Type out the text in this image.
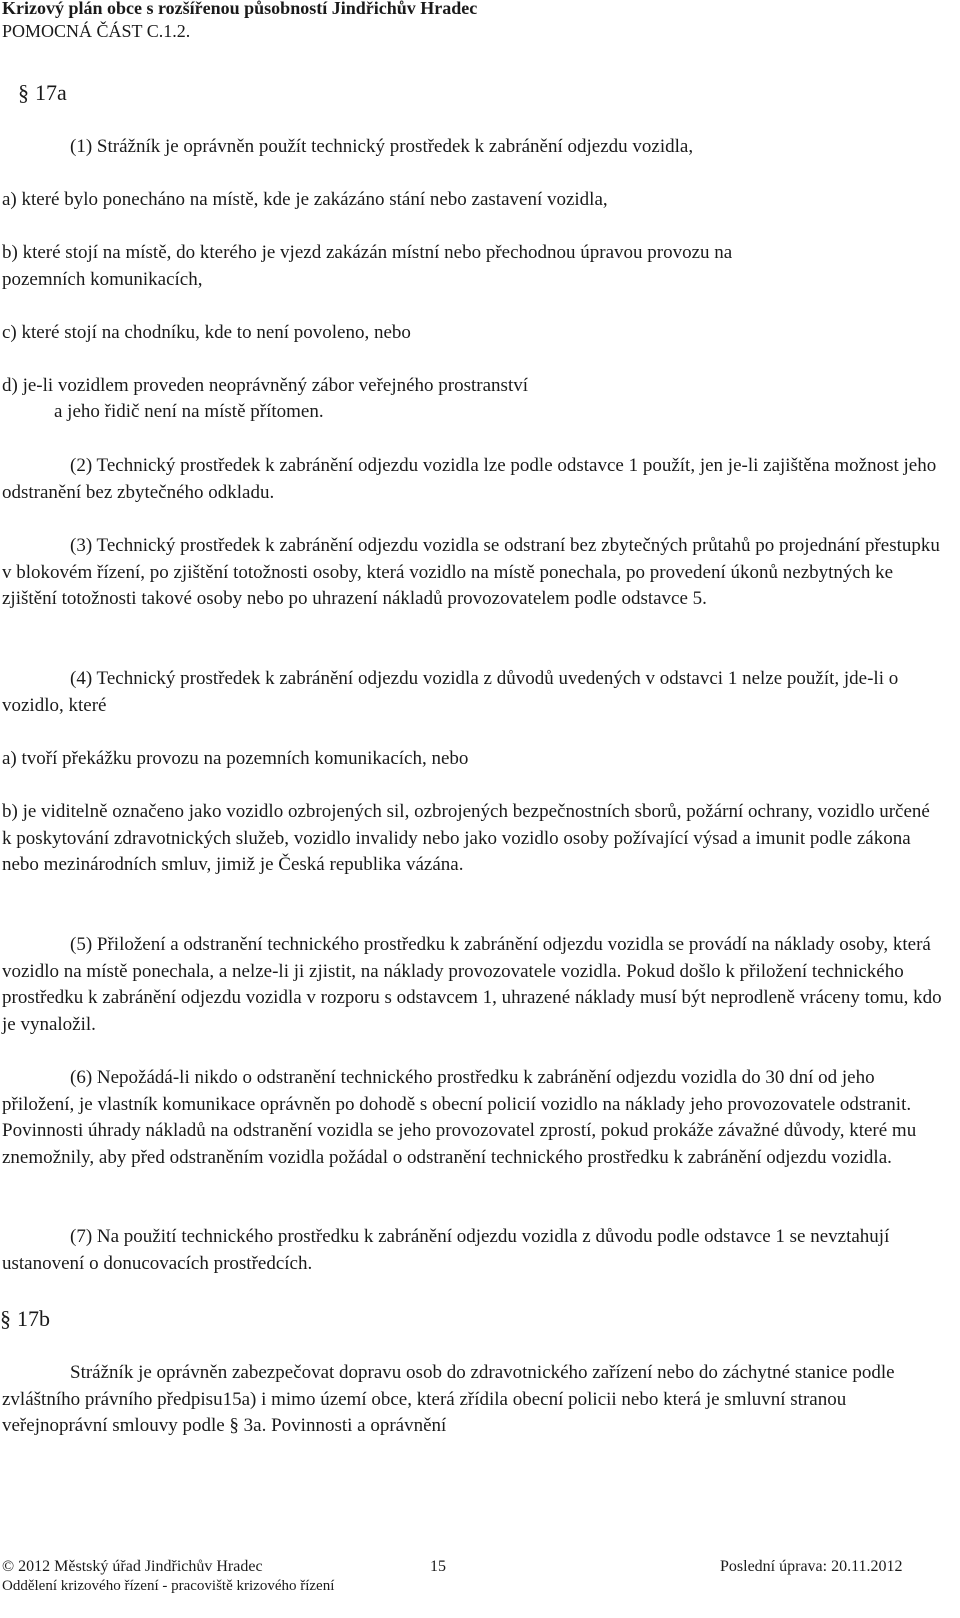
Krizový plán obce s rozšířenou působností Jindřichův Hradec
POMOCNÁ ČÁST C.1.2.
§ 17a
(1) Strážník je oprávněn použít technický prostředek k zabránění odjezdu vozidla,
a) které bylo ponecháno na místě, kde je zakázáno stání nebo zastavení vozidla,
b) které stojí na místě, do kterého je vjezd zakázán místní nebo přechodnou úpravou provozu na
pozemních komunikacích,
c) které stojí na chodníku, kde to není povoleno, nebo
d) je-li vozidlem proveden neoprávněný zábor veřejného prostranství
a jeho řidič není na místě přítomen.
(2) Technický prostředek k zabránění odjezdu vozidla lze podle odstavce 1 použít, jen je-li zajištěna možnost jeho odstranění bez zbytečného odkladu.
(3) Technický prostředek k zabránění odjezdu vozidla se odstraní bez zbytečných průtahů po projednání přestupku v blokovém řízení, po zjištění totožnosti osoby, která vozidlo na místě ponechala, po provedení úkonů nezbytných ke zjištění totožnosti takové osoby nebo po uhrazení nákladů provozovatelem podle odstavce 5.
(4) Technický prostředek k zabránění odjezdu vozidla z důvodů uvedených v odstavci 1 nelze použít, jde-li o vozidlo, které
a) tvoří překážku provozu na pozemních komunikacích, nebo
b) je viditelně označeno jako vozidlo ozbrojených sil, ozbrojených bezpečnostních sborů, požární ochrany, vozidlo určené k poskytování zdravotnických služeb, vozidlo invalidy nebo jako vozidlo osoby požívající výsad a imunit podle zákona nebo mezinárodních smluv, jimiž je Česká republika vázána.
(5) Přiložení a odstranění technického prostředku k zabránění odjezdu vozidla se provádí na náklady osoby, která vozidlo na místě ponechala, a nelze-li ji zjistit, na náklady provozovatele vozidla. Pokud došlo k přiložení technického prostředku k zabránění odjezdu vozidla v rozporu s odstavcem 1, uhrazené náklady musí být neprodleně vráceny tomu, kdo je vynaložil.
(6) Nepožádá-li nikdo o odstranění technického prostředku k zabránění odjezdu vozidla do 30 dní od jeho přiložení, je vlastník komunikace oprávněn po dohodě s obecní policií vozidlo na náklady jeho provozovatele odstranit. Povinnosti úhrady nákladů na odstranění vozidla se jeho provozovatel zprostí, pokud prokáže závažné důvody, které mu znemožnily, aby před odstraněním vozidla požádal o odstranění technického prostředku k zabránění odjezdu vozidla.
(7) Na použití technického prostředku k zabránění odjezdu vozidla z důvodu podle odstavce 1 se nevztahují ustanovení o donucovacích prostředcích.
§ 17b
Strážník je oprávněn zabezpečovat dopravu osob do zdravotnického zařízení nebo do záchytné stanice podle zvláštního právního předpisu15a) i mimo území obce, která zřídila obecní policii nebo která je smluvní stranou veřejnoprávní smlouvy podle § 3a. Povinnosti a oprávnění
© 2012 Městský úřad Jindřichův Hradec	15	Poslední úprava: 20.11.2012
Oddělení krizového řízení - pracoviště krizového řízení
